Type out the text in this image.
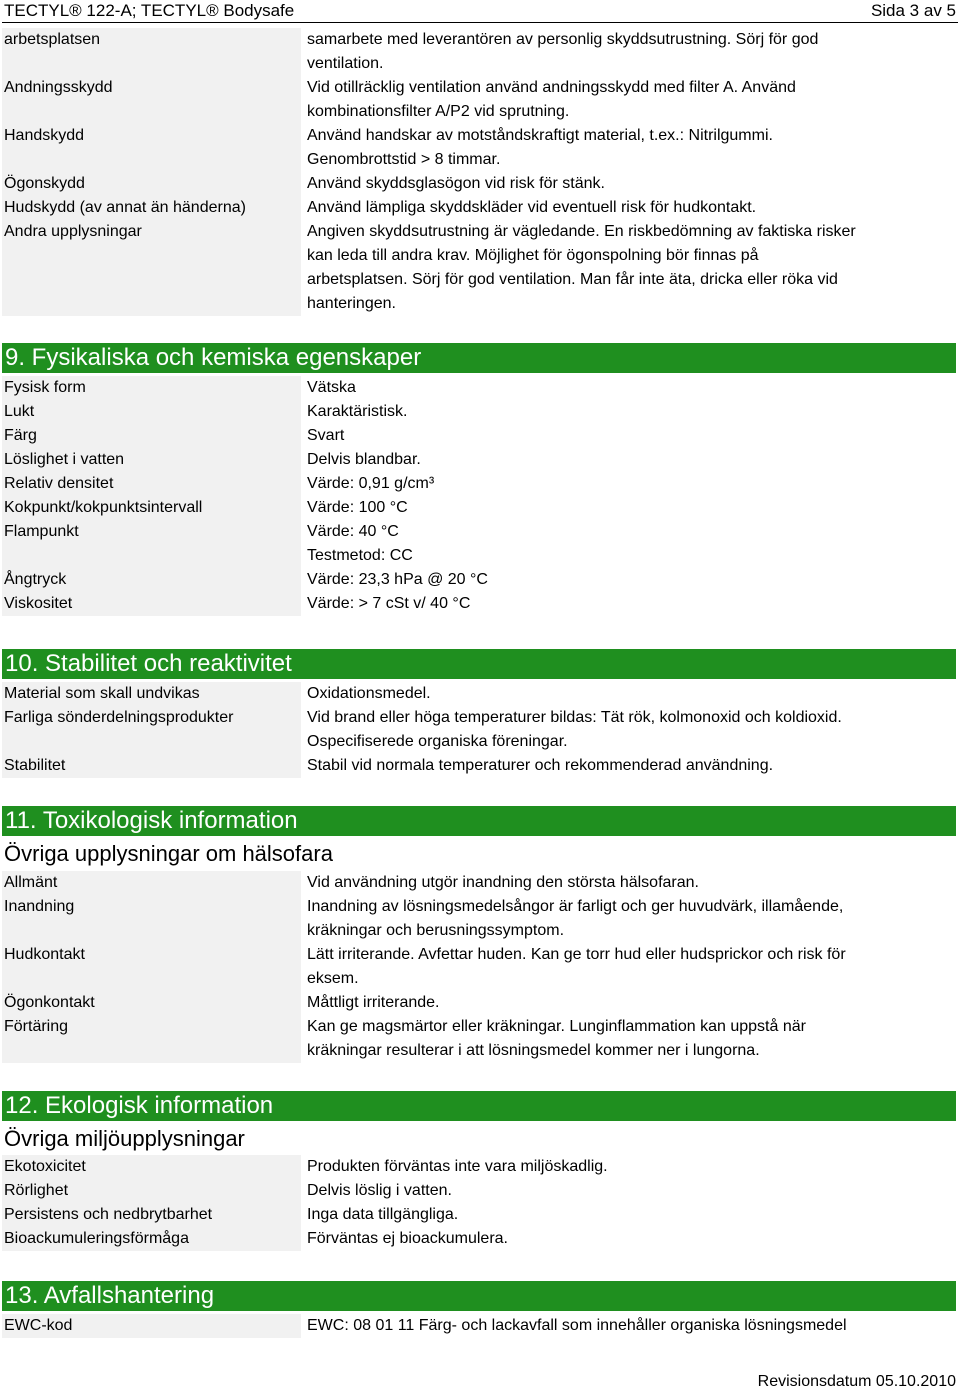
TECTYL® 122-A; TECTYL® Bodysafe	Sida 3 av 5
arbetsplatsen	samarbete med leverantören av personlig skyddsutrustning. Sörj för god
ventilation.
Andningsskydd	Vid otillräcklig ventilation använd andningsskydd med filter A. Använd
kombinationsfilter A/P2 vid sprutning.
Handskydd	Använd handskar av motståndskraftigt material, t.ex.: Nitrilgummi.
Genombrottstid > 8 timmar.
Ögonskydd	Använd skyddsglasögon vid risk för stänk.
Hudskydd (av annat än händerna)	Använd lämpliga skyddskläder vid eventuell risk för hudkontakt.
Andra upplysningar	Angiven skyddsutrustning är vägledande. En riskbedömning av faktiska risker
kan leda till andra krav. Möjlighet för ögonspolning bör finnas på
arbetsplatsen. Sörj för god ventilation. Man får inte äta, dricka eller röka vid
hanteringen.
9. Fysikaliska och kemiska egenskaper
Fysisk form	Vätska
Lukt	Karaktäristisk.
Färg	Svart
Löslighet i vatten	Delvis blandbar.
Relativ densitet	Värde: 0,91 g/cm³
Kokpunkt/kokpunktsintervall	Värde: 100 °C
Flampunkt	Värde: 40 °C
Testmetod: CC
Ångtryck	Värde: 23,3 hPa @ 20 °C
Viskositet	Värde: > 7 cSt v/ 40 °C
10. Stabilitet och reaktivitet
Material som skall undvikas	Oxidationsmedel.
Farliga sönderdelningsprodukter	Vid brand eller höga temperaturer bildas: Tät rök, kolmonoxid och koldioxid.
Ospecifiserede organiska föreningar.
Stabilitet	Stabil vid normala temperaturer och rekommenderad användning.
11. Toxikologisk information
Övriga upplysningar om hälsofara
Allmänt	Vid användning utgör inandning den största hälsofaran.
Inandning	Inandning av lösningsmedelsångor är farligt och ger huvudvärk, illamående,
kräkningar och berusningssymptom.
Hudkontakt	Lätt irriterande. Avfettar huden. Kan ge torr hud eller hudsprickor och risk för
eksem.
Ögonkontakt	Måttligt irriterande.
Förtäring	Kan ge magsmärtor eller kräkningar. Lunginflammation kan uppstå när
kräkningar resulterar i att lösningsmedel kommer ner i lungorna.
12. Ekologisk information
Övriga miljöupplysningar
Ekotoxicitet	Produkten förväntas inte vara miljöskadlig.
Rörlighet	Delvis löslig i vatten.
Persistens och nedbrytbarhet	Inga data tillgängliga.
Bioackumuleringsförmåga	Förväntas ej bioackumulera.
13. Avfallshantering
EWC-kod	EWC: 08 01 11 Färg- och lackavfall som innehåller organiska lösningsmedel
Revisionsdatum 05.10.2010
